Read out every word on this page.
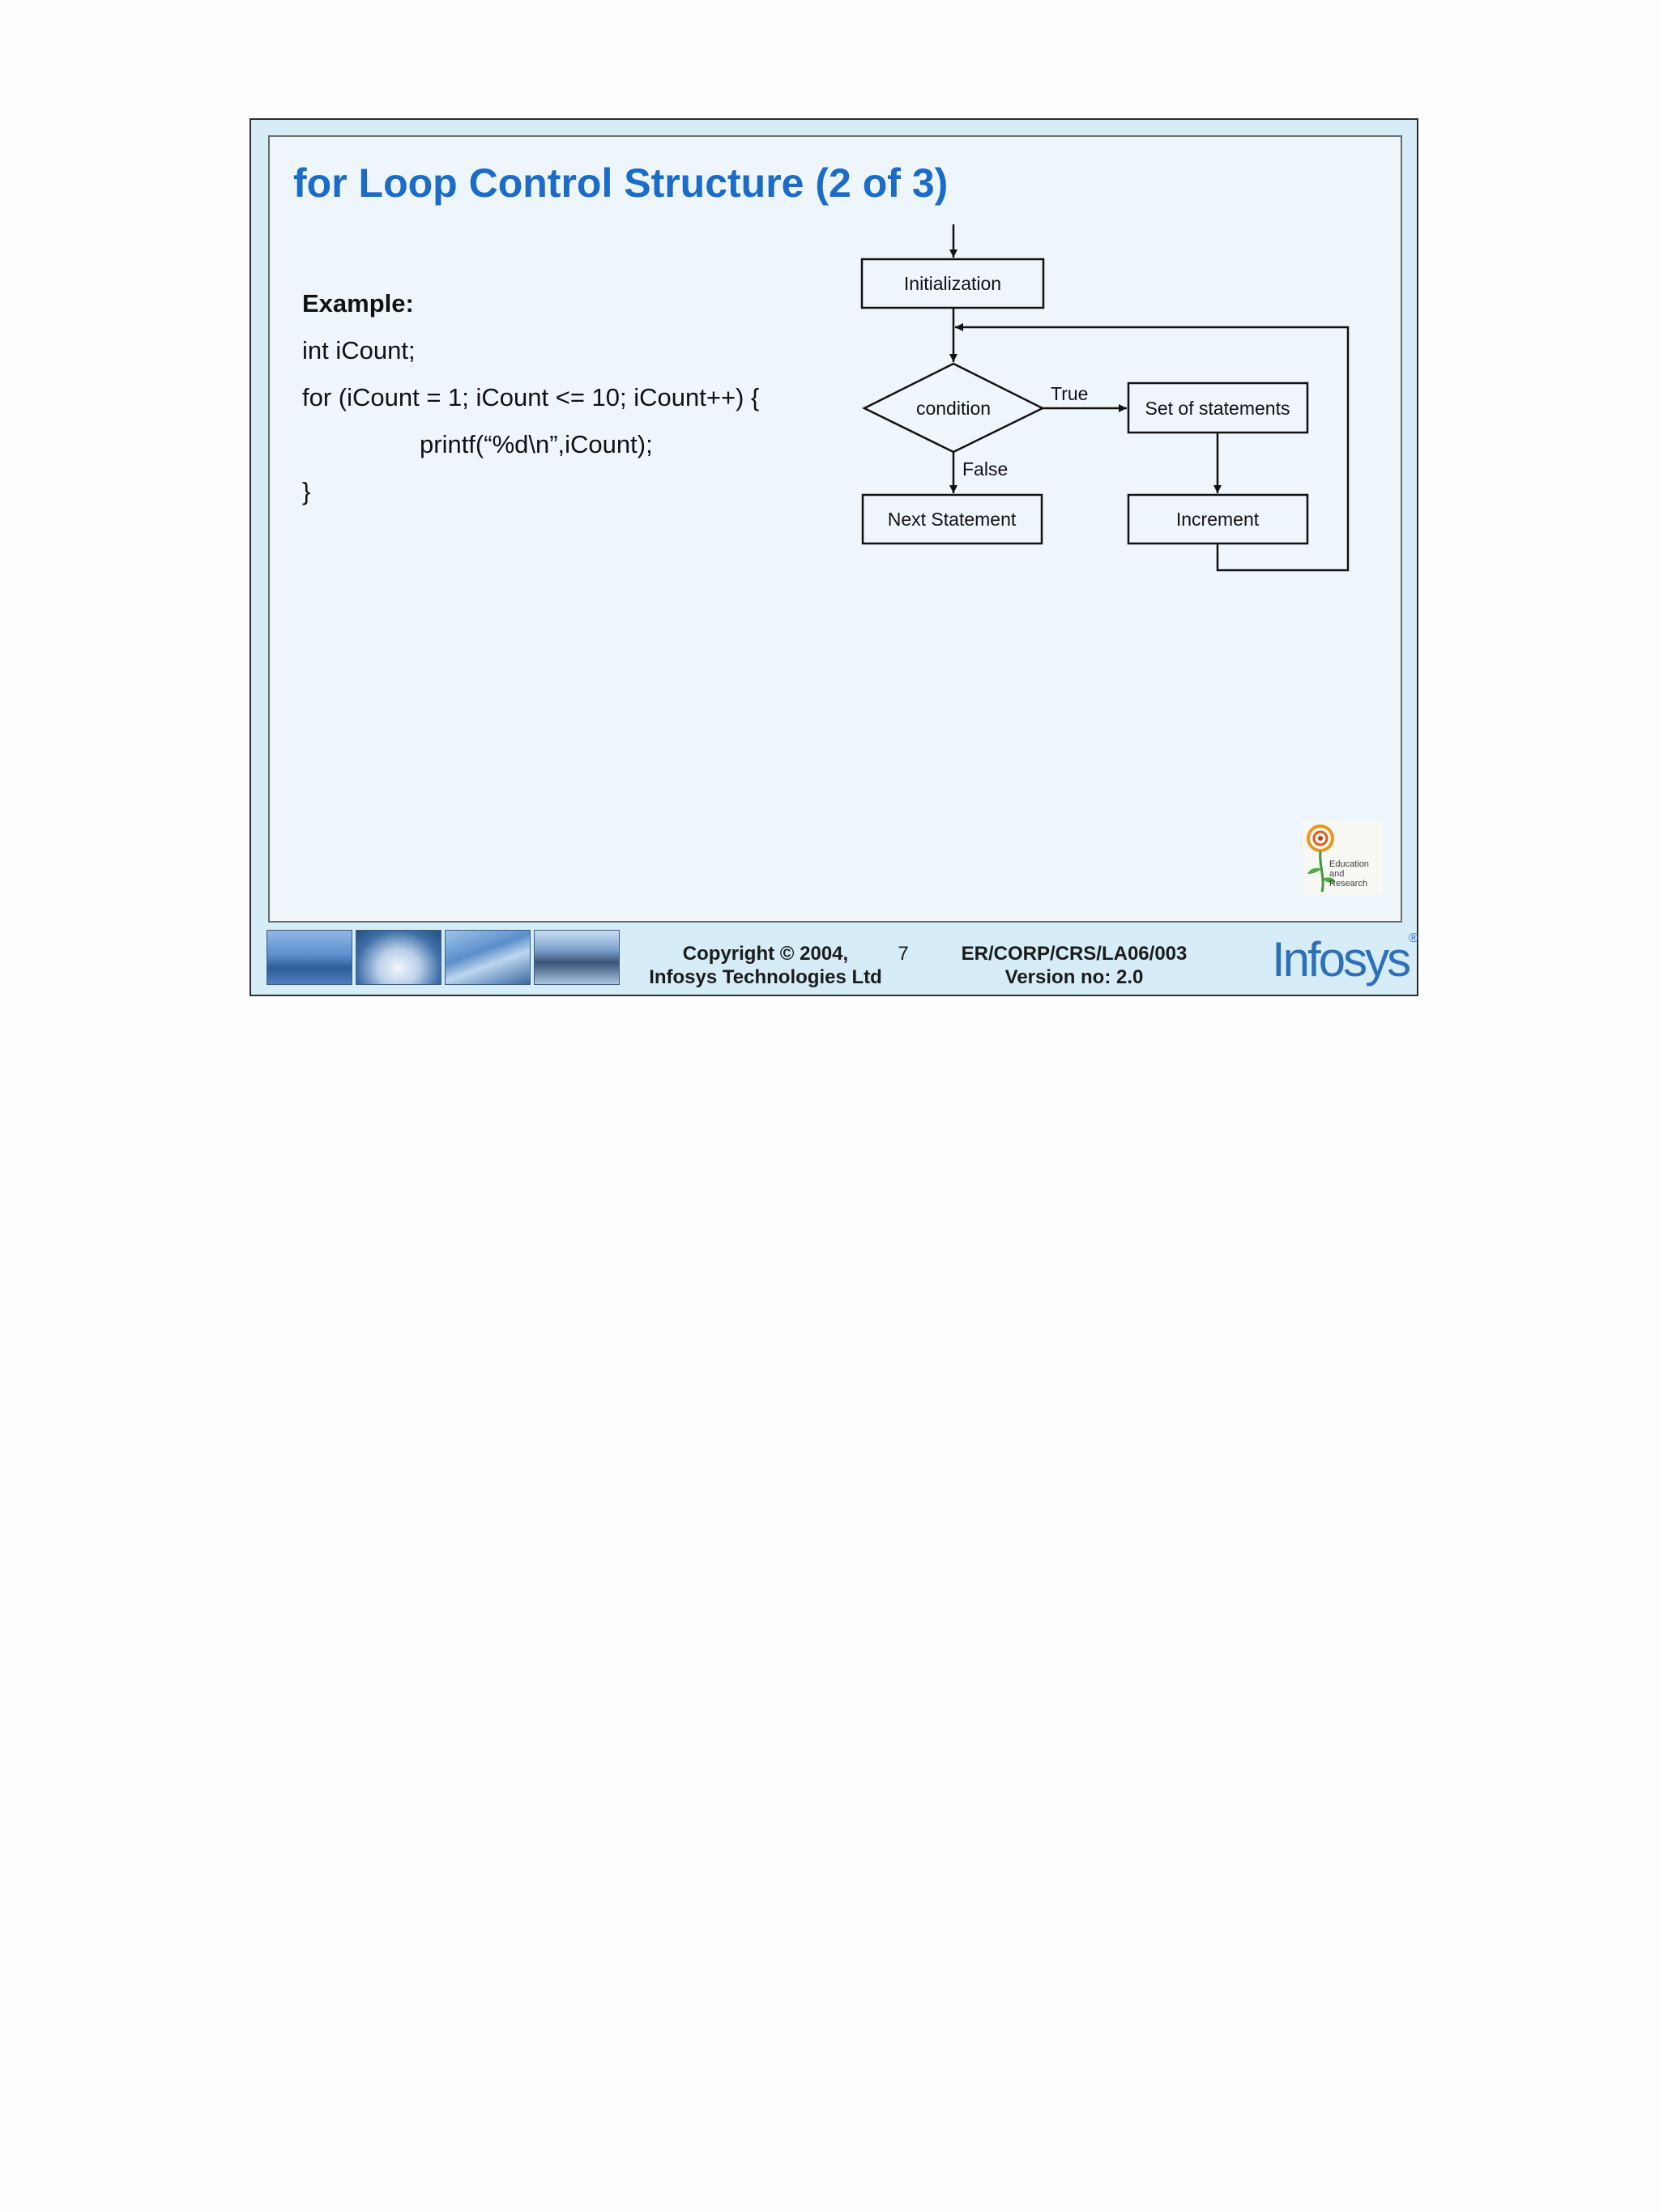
for Loop Control Structure (2 of 3)
Example:
int iCount;
for (iCount = 1; iCount <= 10; iCount++) {
printf(“%d\n”,iCount);
}
Initialization
condition
True
Set of statements
False
Next Statement	Increment
Education
and
Research
Copyright © 2004,
Infosys Technologies Ltd
7	ER/CORP/CRS/LA06/003
Version no: 2.0	Infosys®
